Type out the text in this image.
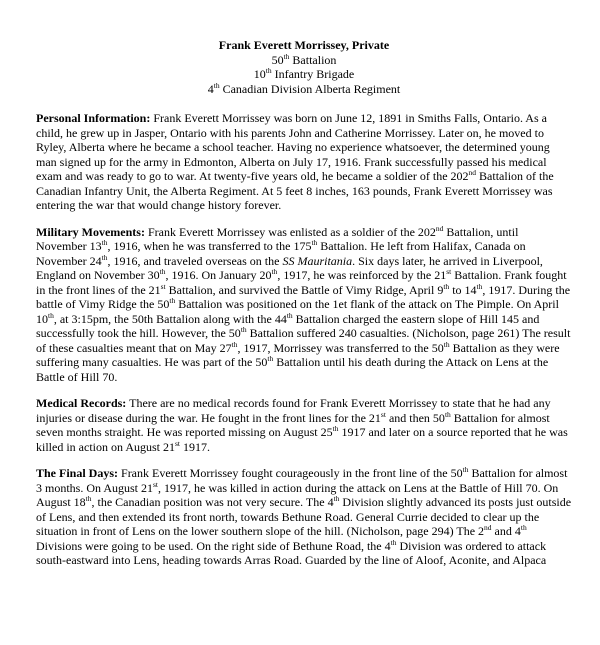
Frank Everett Morrissey, Private
50th Battalion
10th Infantry Brigade
4th Canadian Division Alberta Regiment

Personal Information: Frank Everett Morrissey was born on June 12, 1891 in Smiths Falls, Ontario. As a child, he grew up in Jasper, Ontario with his parents John and Catherine Morrissey. Later on, he moved to Ryley, Alberta where he became a school teacher. Having no experience whatsoever, the determined young man signed up for the army in Edmonton, Alberta on July 17, 1916. Frank successfully passed his medical exam and was ready to go to war. At twenty-five years old, he became a soldier of the 202nd Battalion of the Canadian Infantry Unit, the Alberta Regiment. At 5 feet 8 inches, 163 pounds, Frank Everett Morrissey was entering the war that would change history forever.

Military Movements: Frank Everett Morrissey was enlisted as a soldier of the 202nd Battalion, until November 13th, 1916, when he was transferred to the 175th Battalion. He left from Halifax, Canada on November 24th, 1916, and traveled overseas on the SS Mauritania. Six days later, he arrived in Liverpool, England on November 30th, 1916. On January 20th, 1917, he was reinforced by the 21st Battalion. Frank fought in the front lines of the 21st Battalion, and survived the Battle of Vimy Ridge, April 9th to 14th, 1917. During the battle of Vimy Ridge the 50th Battalion was positioned on the 1et flank of the attack on The Pimple. On April 10th, at 3:15pm, the 50th Battalion along with the 44th Battalion charged the eastern slope of Hill 145 and successfully took the hill. However, the 50th Battalion suffered 240 casualties. (Nicholson, page 261) The result of these casualties meant that on May 27th, 1917, Morrissey was transferred to the 50th Battalion as they were suffering many casualties. He was part of the 50th Battalion until his death during the Attack on Lens at the Battle of Hill 70.

Medical Records: There are no medical records found for Frank Everett Morrissey to state that he had any injuries or disease during the war. He fought in the front lines for the 21st and then 50th Battalion for almost seven months straight. He was reported missing on August 25th 1917 and later on a source reported that he was killed in action on August 21st 1917.

The Final Days: Frank Everett Morrissey fought courageously in the front line of the 50th Battalion for almost 3 months. On August 21st, 1917, he was killed in action during the attack on Lens at the Battle of Hill 70. On August 18th, the Canadian position was not very secure. The 4th Division slightly advanced its posts just outside of Lens, and then extended its front north, towards Bethune Road. General Currie decided to clear up the situation in front of Lens on the lower southern slope of the hill. (Nicholson, page 294) The 2nd and 4th Divisions were going to be used. On the right side of Bethune Road, the 4th Division was ordered to attack south-eastward into Lens, heading towards Arras Road. Guarded by the line of Aloof, Aconite, and Alpaca
